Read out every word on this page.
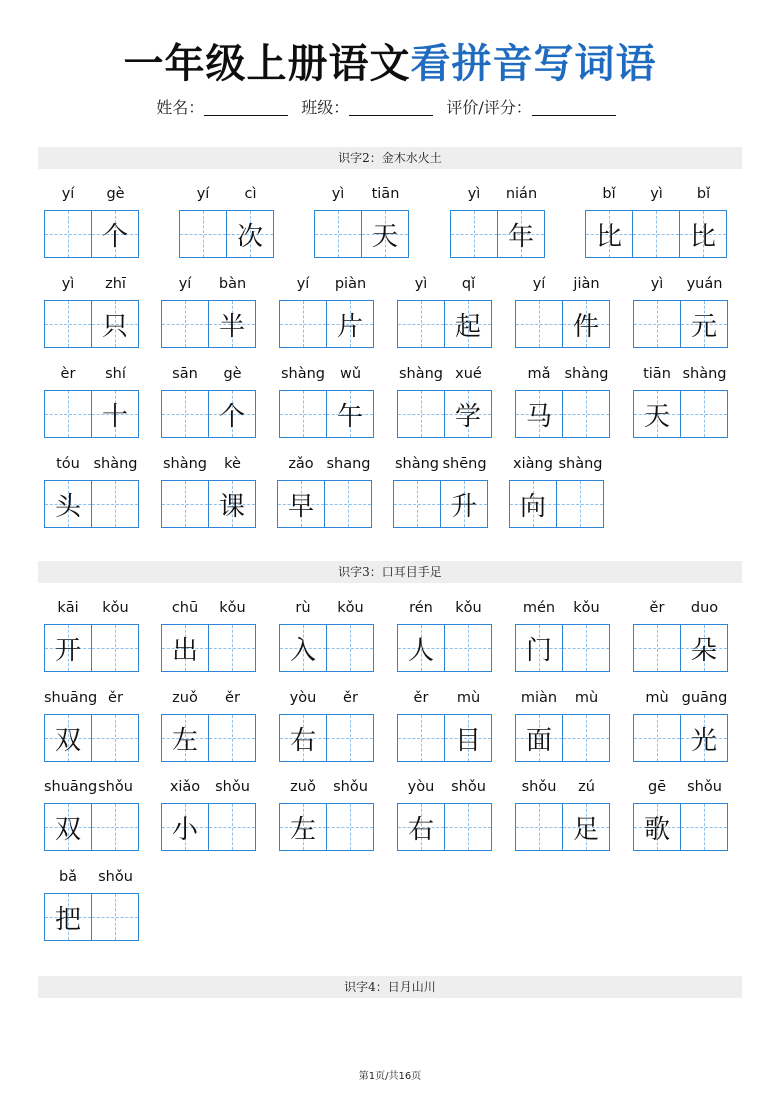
一年级上册语文看拼音写词语
姓名：	班级：	评价/评分：
识字2：金木水火土
识字3：口耳目手足
识字4：日月山川
yí	gè
个
yí	cì
次
yì	tiān
天
yì	nián
年
bǐ	yì	bǐ
比	比
yì	zhī
只
yí	bàn
半
yí	piàn
片
yì	qǐ
起
yí	jiàn
件
yì	yuán
元
èr	shí
十
sān	gè
个
shàng	wǔ
午
shàng xué
学
mǎ shàng
马
tiān shàng
天
tóu shàng
头
shàng	kè
课
zǎo shang
早
shàng shēng
升
xiàng shàng
向
kāi	kǒu
开
chū	kǒu
出
rù	kǒu
入
rén	kǒu
人
mén	kǒu
门
ěr	duo
朵
shuāng ěr
双
zuǒ	ěr
左
yòu	ěr
右
ěr	mù
目
miàn	mù
面
mù guāng
光
shuāng shǒu
双
xiǎo	shǒu
小
zuǒ	shǒu
左
yòu	shǒu
右
shǒu	zú
足
gē	shǒu
歌
bǎ	shǒu
把
第1页/共16页
